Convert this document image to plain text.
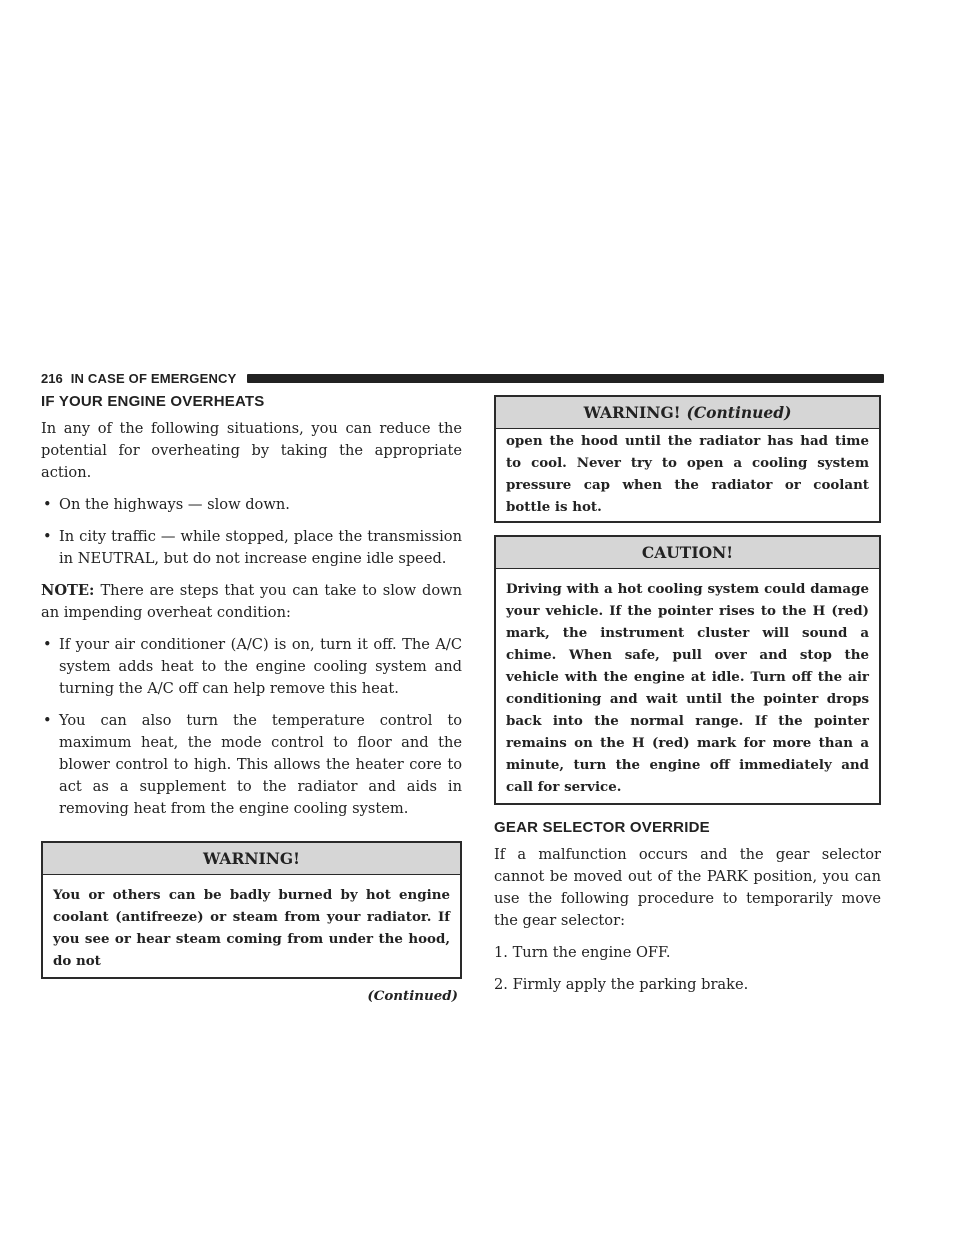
216 IN CASE OF EMERGENCY
IF YOUR ENGINE OVERHEATS

In any of the following situations, you can reduce the potential for overheating by taking the appropriate action.

• On the highways — slow down.
• In city traffic — while stopped, place the transmission in NEUTRAL, but do not increase engine idle speed.

NOTE: There are steps that you can take to slow down an impending overheat condition:

• If your air conditioner (A/C) is on, turn it off. The A/C system adds heat to the engine cooling system and turning the A/C off can help remove this heat.
• You can also turn the temperature control to maximum heat, the mode control to floor and the blower control to high. This allows the heater core to act as a supplement to the radiator and aids in removing heat from the engine cooling system.
WARNING!
You or others can be badly burned by hot engine coolant (antifreeze) or steam from your radiator. If you see or hear steam coming from under the hood, do not
(Continued)
WARNING! (Continued)
open the hood until the radiator has had time to cool. Never try to open a cooling system pressure cap when the radiator or coolant bottle is hot.
CAUTION!
Driving with a hot cooling system could damage your vehicle. If the pointer rises to the H (red) mark, the instrument cluster will sound a chime. When safe, pull over and stop the vehicle with the engine at idle. Turn off the air conditioning and wait until the pointer drops back into the normal range. If the pointer remains on the H (red) mark for more than a minute, turn the engine off immediately and call for service.
GEAR SELECTOR OVERRIDE

If a malfunction occurs and the gear selector cannot be moved out of the PARK position, you can use the following procedure to temporarily move the gear selector:

1. Turn the engine OFF.
2. Firmly apply the parking brake.
